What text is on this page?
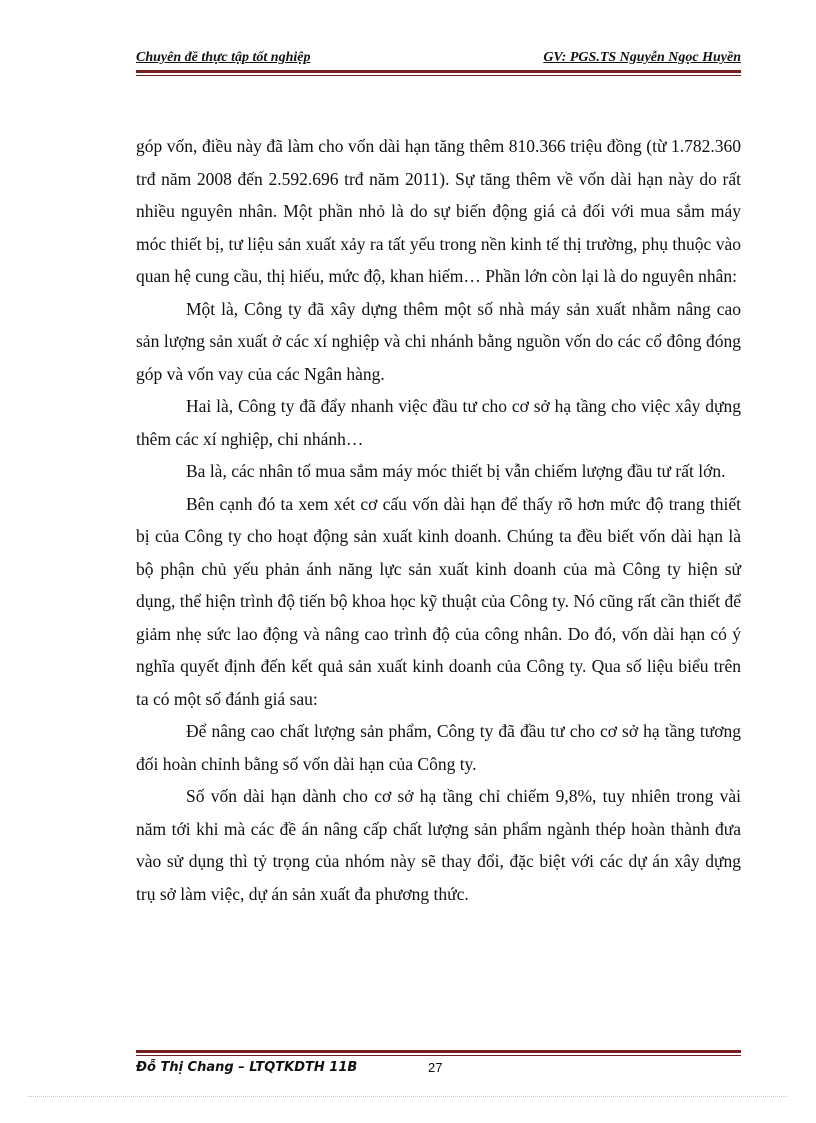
Chuyên đề thực tập tốt nghiệp	GV: PGS.TS Nguyễn Ngọc Huyền

góp vốn, điều này đã làm cho vốn dài hạn tăng thêm 810.366 triệu đồng (từ 1.782.360 trđ năm 2008 đến 2.592.696 trđ năm 2011). Sự tăng thêm về vốn dài hạn này do rất nhiều nguyên nhân. Một phần nhỏ là do sự biến động giá cả đối với mua sắm máy móc thiết bị, tư liệu sản xuất xảy ra tất yếu trong nền kinh tế thị trường, phụ thuộc vào quan hệ cung cầu, thị hiếu, mức độ, khan hiếm… Phần lớn còn lại là do nguyên nhân:

Một là, Công ty đã xây dựng thêm một số nhà máy sản xuất nhằm nâng cao sản lượng sản xuất ở các xí nghiệp và chi nhánh bằng nguồn vốn do các cổ đông đóng góp và vốn vay của các Ngân hàng.

Hai là, Công ty đã đẩy nhanh việc đầu tư cho cơ sở hạ tầng cho việc xây dựng thêm các xí nghiệp, chi nhánh…

Ba là, các nhân tố mua sắm máy móc thiết bị vẫn chiếm lượng đầu tư rất lớn.

Bên cạnh đó ta xem xét cơ cấu vốn dài hạn để thấy rõ hơn mức độ trang thiết bị của Công ty cho hoạt động sản xuất kinh doanh. Chúng ta đều biết vốn dài hạn là bộ phận chủ yếu phản ánh năng lực sản xuất kinh doanh của mà Công ty hiện sử dụng, thể hiện trình độ tiến bộ khoa học kỹ thuật của Công ty. Nó cũng rất cần thiết để giảm nhẹ sức lao động và nâng cao trình độ của công nhân. Do đó, vốn dài hạn có ý nghĩa quyết định đến kết quả sản xuất kinh doanh của Công ty. Qua số liệu biểu trên ta có một số đánh giá sau:

Để nâng cao chất lượng sản phẩm, Công ty đã đầu tư cho cơ sở hạ tầng tương đối hoàn chỉnh bằng số vốn dài hạn của Công ty.

Số vốn dài hạn dành cho cơ sở hạ tầng chỉ chiếm 9,8%, tuy nhiên trong vài năm tới khi mà các đề án nâng cấp chất lượng sản phẩm ngành thép hoàn thành đưa vào sử dụng thì tỷ trọng của nhóm này sẽ thay đổi, đặc biệt với các dự án xây dựng trụ sở làm việc, dự án sản xuất đa phương thức.

Đỗ Thị Chang – LTQTKDTH 11B	27
